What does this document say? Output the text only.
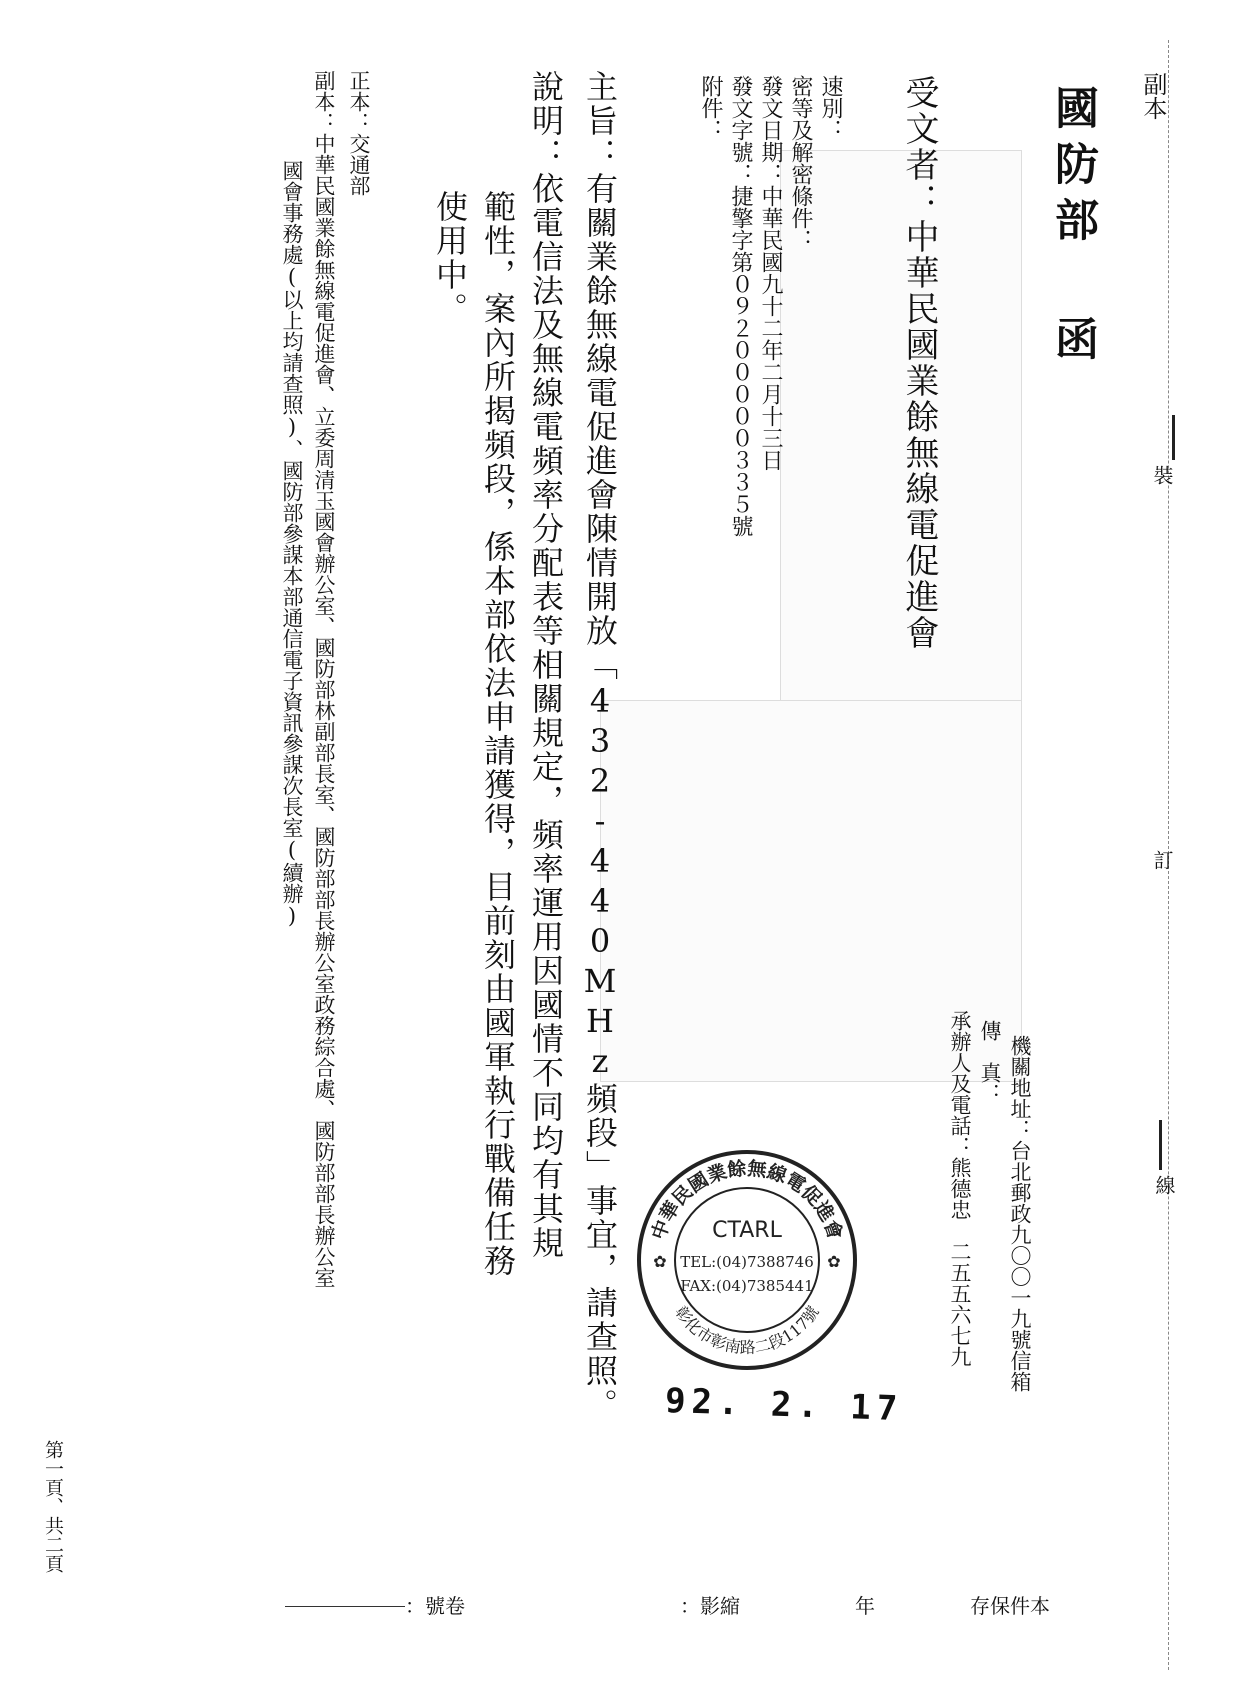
副本
裝
訂
線
國防部 函
受文者：中華民國業餘無線電促進會
速別：
密等及解密條件：
發文日期：中華民國九十二年二月十三日
發文字號：捷擎字第０９２０００００３３５號
附件：
主旨：有關業餘無線電促進會陳情開放「432-440MHz頻段」事宜，請查照。
說明：依電信法及無線電頻率分配表等相關規定，頻率運用因國情不同均有其規
範性，案內所揭頻段，係本部依法申請獲得，目前刻由國軍執行戰備任務
使用中。
正本：交通部
副本：中華民國業餘無線電促進會、立委周清玉國會辦公室、國防部林副部長室、國防部部長辦公室政務綜合處、國防部部長辦公室
國會事務處(以上均請查照)、國防部參謀本部通信電子資訊參謀次長室(續辦)
機關地址：台北郵政九〇〇一九號信箱
傳　真：
承辦人及電話：熊德忠　二五五六七九
中華民國業餘無線電促進會
彰化市彰南路二段117號
CTARL
TEL:(04)7388746
FAX:(04)7385441
✿	✿
92. 2. 17
第一頁、共二頁
：號卷	：影縮	年	存保件本
